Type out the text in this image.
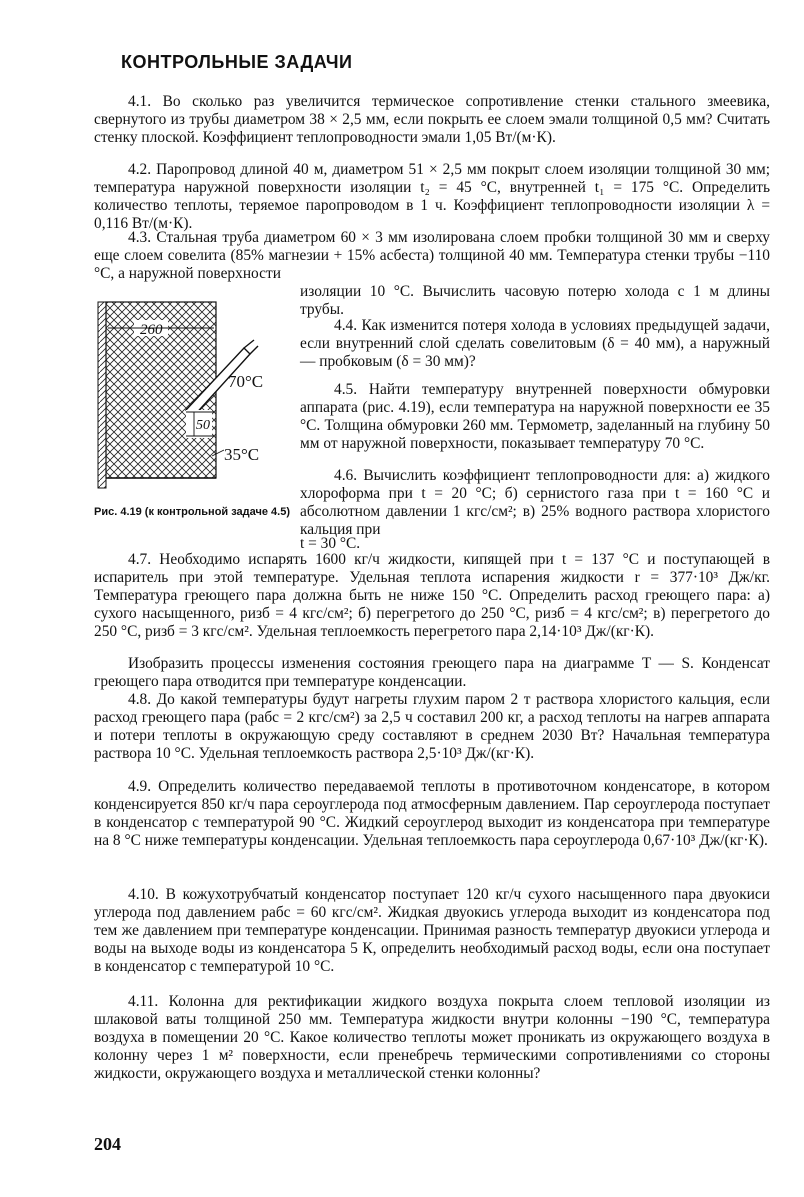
КОНТРОЛЬНЫЕ ЗАДАЧИ

4.1. Во сколько раз увеличится термическое сопротивление стенки стального змеевика, свернутого из трубы диаметром 38 × 2,5 мм, если покрыть ее слоем эмали толщиной 0,5 мм? Считать стенку плоской. Коэффициент теплопроводности эмали 1,05 Вт/(м·К).

4.2. Паропровод длиной 40 м, диаметром 51 × 2,5 мм покрыт слоем изоляции толщиной 30 мм; температура наружной поверхности изоляции t₂ = 45 °С, внутренней t₁ = 175 °С. Определить количество теплоты, теряемое паропроводом в 1 ч. Коэффициент теплопроводности изоляции λ = 0,116 Вт/(м·К).

4.3. Стальная труба диаметром 60 × 3 мм изолирована слоем пробки толщиной 30 мм и сверху еще слоем совелита (85% магнезии + 15% асбеста) толщиной 40 мм. Температура стенки трубы −110 °С, а наружной поверхности

изоляции 10 °С. Вычислить часовую потерю холода с 1 м длины трубы.

4.4. Как изменится потеря холода в условиях предыдущей задачи, если внутренний слой сделать совелитовым (δ = 40 мм), а наружный — пробковым (δ = 30 мм)?

4.5. Найти температуру внутренней поверхности обмуровки аппарата (рис. 4.19), если температура на наружной поверхности ее 35 °С. Толщина обмуровки 260 мм. Термометр, заделанный на глубину 50 мм от наружной поверхности, показывает температуру 70 °С.

4.6. Вычислить коэффициент теплопроводности для: а) жидкого хлороформа при t = 20 °С; б) сернистого газа при t = 160 °С и абсолютном давлении 1 кгс/см²; в) 25% водного раствора хлористого кальция при

t = 30 °С.

4.7. Необходимо испарять 1600 кг/ч жидкости, кипящей при t = 137 °С и поступающей в испаритель при этой температуре. Удельная теплота испарения жидкости r = 377·10³ Дж/кг. Температура греющего пара должна быть не ниже 150 °С. Определить расход греющего пара: а) сухого насыщенного, pизб = 4 кгс/см²; б) перегретого до 250 °С, pизб = 4 кгс/см²; в) перегретого до 250 °С, pизб = 3 кгс/см². Удельная теплоемкость перегретого пара 2,14·10³ Дж/(кг·К).

Изобразить процессы изменения состояния греющего пара на диаграмме T — S. Конденсат греющего пара отводится при температуре конденсации.

4.8. До какой температуры будут нагреты глухим паром 2 т раствора хлористого кальция, если расход греющего пара (pабс = 2 кгс/см²) за 2,5 ч составил 200 кг, а расход теплоты на нагрев аппарата и потери теплоты в окружающую среду составляют в среднем 2030 Вт? Начальная температура раствора 10 °С. Удельная теплоемкость раствора 2,5·10³ Дж/(кг·К).

4.9. Определить количество передаваемой теплоты в противоточном конденсаторе, в котором конденсируется 850 кг/ч пара сероуглерода под атмосферным давлением. Пар сероуглерода поступает в конденсатор с температурой 90 °С. Жидкий сероуглерод выходит из конденсатора при температуре на 8 °С ниже температуры конденсации. Удельная теплоемкость пара сероуглерода 0,67·10³ Дж/(кг·К).

4.10. В кожухотрубчатый конденсатор поступает 120 кг/ч сухого насыщенного пара двуокиси углерода под давлением pабс = 60 кгс/см². Жидкая двуокись углерода выходит из конденсатора под тем же давлением при температуре конденсации. Принимая разность температур двуокиси углерода и воды на выходе воды из конденсатора 5 К, определить необходимый расход воды, если она поступает в конденсатор с температурой 10 °С.

4.11. Колонна для ректификации жидкого воздуха покрыта слоем тепловой изоляции из шлаковой ваты толщиной 250 мм. Температура жидкости внутри колонны −190 °С, температура воздуха в помещении 20 °С. Какое количество теплоты может проникать из окружающего воздуха в колонну через 1 м² поверхности, если пренебречь термическими сопротивлениями со стороны жидкости, окружающего воздуха и металлической стенки колонны?

260
70°С
50
35°С
Рис. 4.19 (к контрольной задаче 4.5)
204
